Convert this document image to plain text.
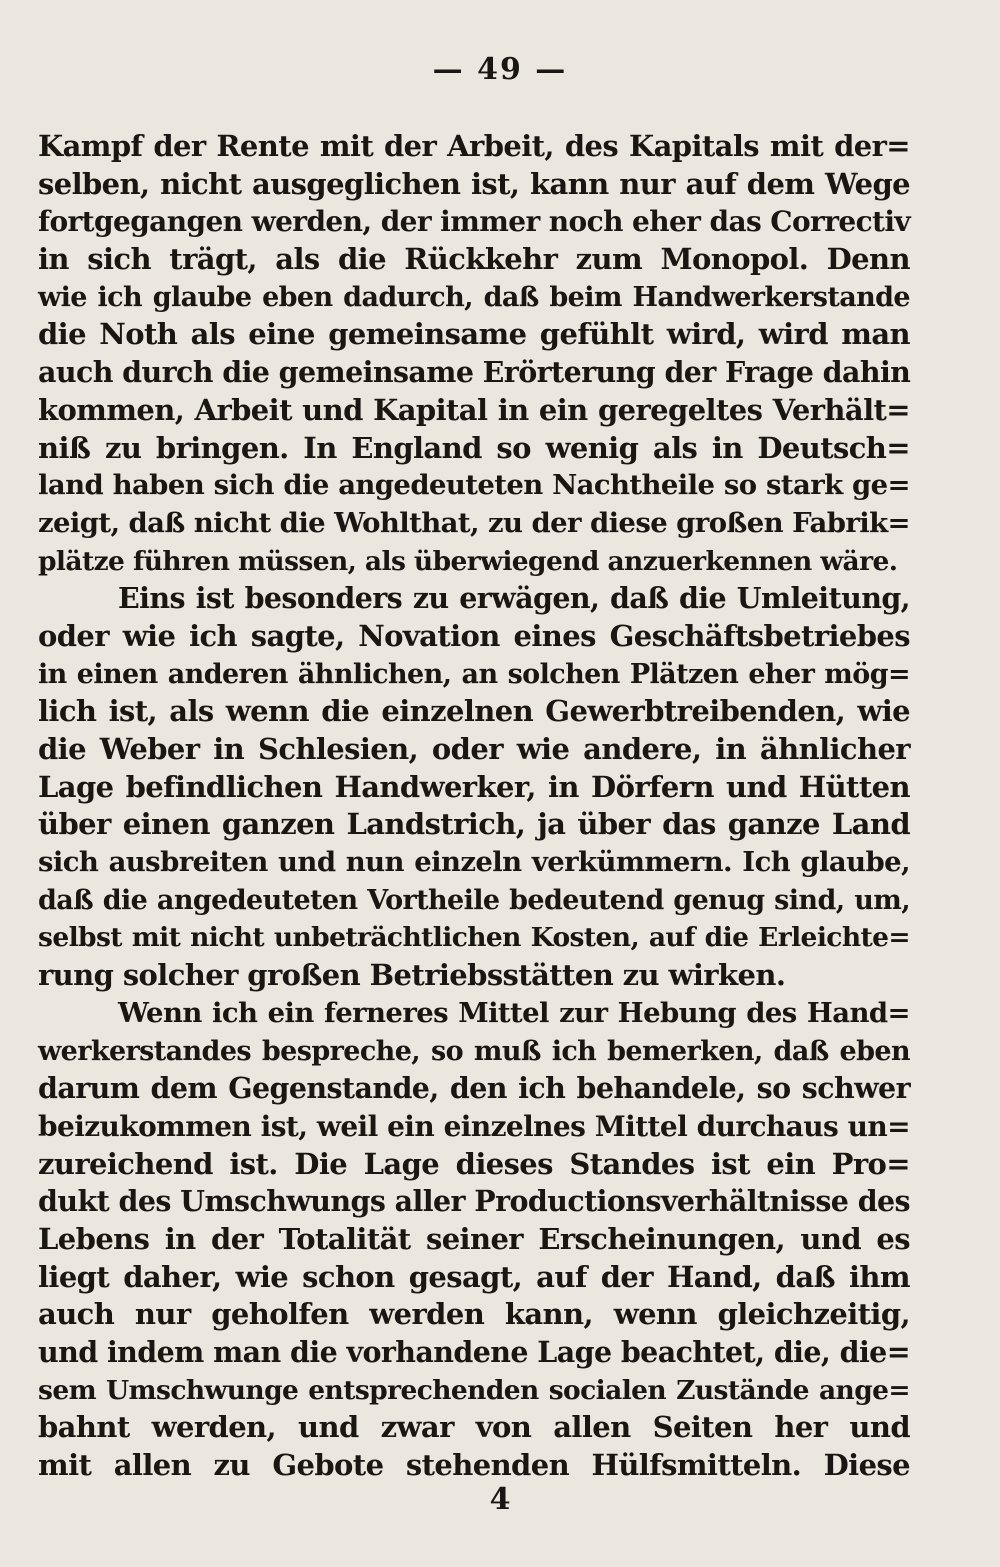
— 49 —
Kampf der Rente mit der Arbeit, des Kapitals mit der=
selben, nicht ausgeglichen ist, kann nur auf dem Wege
fortgegangen werden, der immer noch eher das Correctiv
in sich trägt, als die Rückkehr zum Monopol. Denn
wie ich glaube eben dadurch, daß beim Handwerkerstande
die Noth als eine gemeinsame gefühlt wird, wird man
auch durch die gemeinsame Erörterung der Frage dahin
kommen, Arbeit und Kapital in ein geregeltes Verhält=
niß zu bringen. In England so wenig als in Deutsch=
land haben sich die angedeuteten Nachtheile so stark ge=
zeigt, daß nicht die Wohlthat, zu der diese großen Fabrik=
plätze führen müssen, als überwiegend anzuerkennen wäre.
Eins ist besonders zu erwägen, daß die Umleitung,
oder wie ich sagte, Novation eines Geschäftsbetriebes
in einen anderen ähnlichen, an solchen Plätzen eher mög=
lich ist, als wenn die einzelnen Gewerbtreibenden, wie
die Weber in Schlesien, oder wie andere, in ähnlicher
Lage befindlichen Handwerker, in Dörfern und Hütten
über einen ganzen Landstrich, ja über das ganze Land
sich ausbreiten und nun einzeln verkümmern. Ich glaube,
daß die angedeuteten Vortheile bedeutend genug sind, um,
selbst mit nicht unbeträchtlichen Kosten, auf die Erleichte=
rung solcher großen Betriebsstätten zu wirken.
Wenn ich ein ferneres Mittel zur Hebung des Hand=
werkerstandes bespreche, so muß ich bemerken, daß eben
darum dem Gegenstande, den ich behandele, so schwer
beizukommen ist, weil ein einzelnes Mittel durchaus un=
zureichend ist. Die Lage dieses Standes ist ein Pro=
dukt des Umschwungs aller Productionsverhältnisse des
Lebens in der Totalität seiner Erscheinungen, und es
liegt daher, wie schon gesagt, auf der Hand, daß ihm
auch nur geholfen werden kann, wenn gleichzeitig,
und indem man die vorhandene Lage beachtet, die, die=
sem Umschwunge entsprechenden socialen Zustände ange=
bahnt werden, und zwar von allen Seiten her und
mit allen zu Gebote stehenden Hülfsmitteln. Diese
4
